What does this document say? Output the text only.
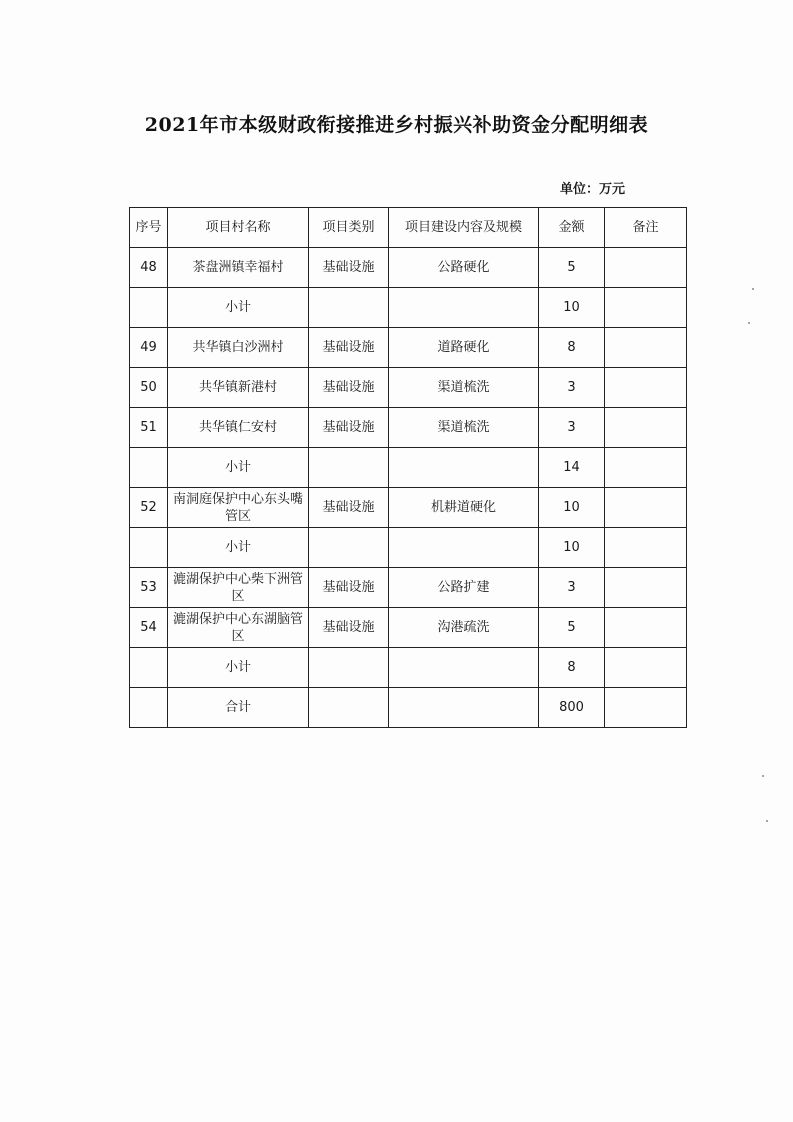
2021年市本级财政衔接推进乡村振兴补助资金分配明细表
单位：万元
序号	项目村名称	项目类别	项目建设内容及规模	金额	备注
48	茶盘洲镇幸福村	基础设施	公路硬化	5	
	小计			10	
49	共华镇白沙洲村	基础设施	道路硬化	8	
50	共华镇新港村	基础设施	渠道梳洗	3	
51	共华镇仁安村	基础设施	渠道梳洗	3	
	小计			14	
52	南洞庭保护中心东头嘴管区	基础设施	机耕道硬化	10	
	小计			10	
53	漉湖保护中心柴下洲管区	基础设施	公路扩建	3	
54	漉湖保护中心东湖脑管区	基础设施	沟港疏洗	5	
	小计			8	
	合计			800	
